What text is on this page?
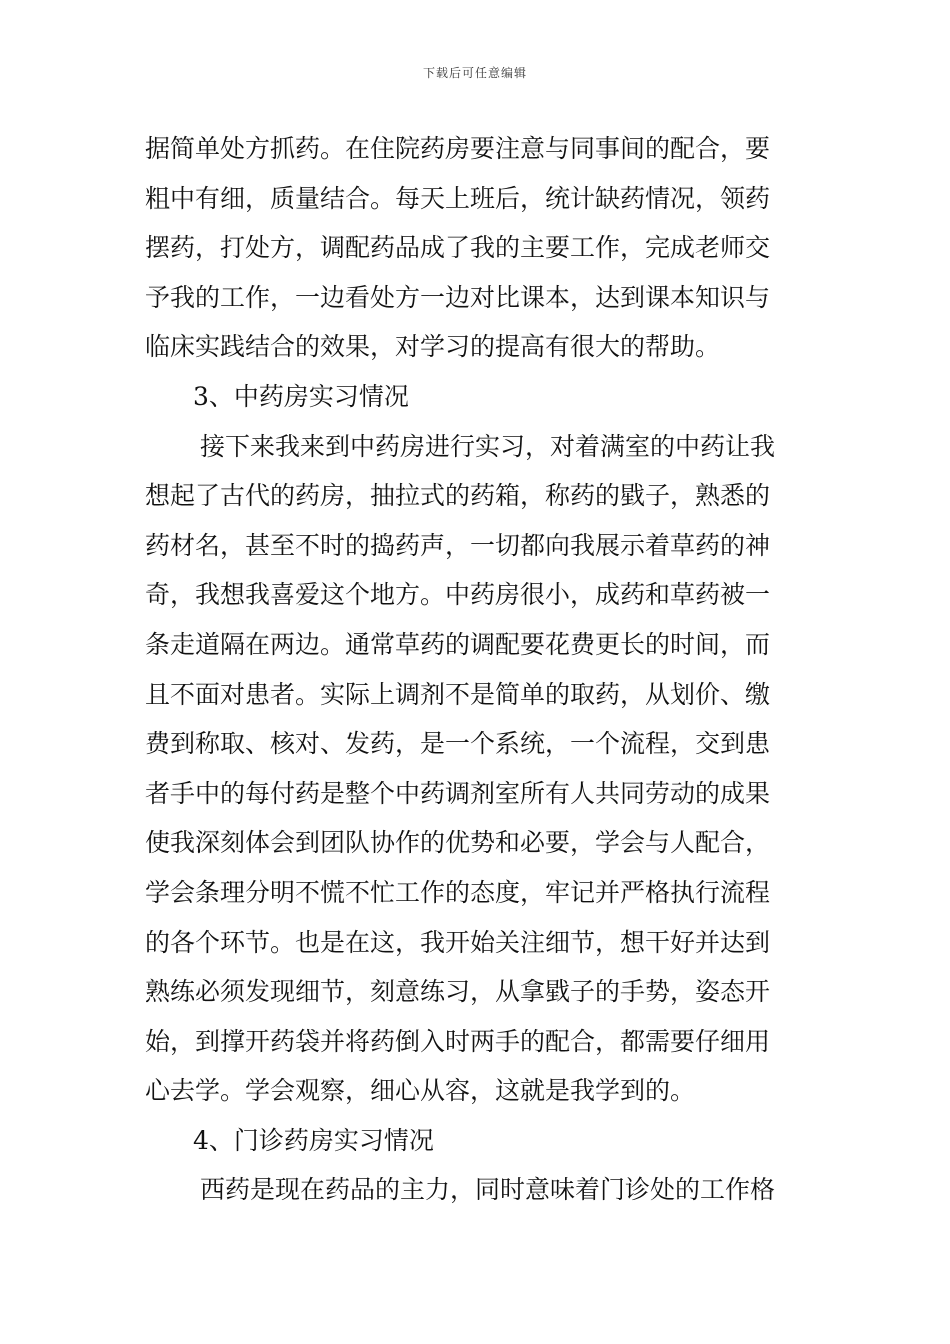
下载后可任意编辑
据简单处方抓药。在住院药房要注意与同事间的配合，要
粗中有细，质量结合。每天上班后，统计缺药情况，领药
摆药，打处方，调配药品成了我的主要工作，完成老师交
予我的工作，一边看处方一边对比课本，达到课本知识与
临床实践结合的效果，对学习的提高有很大的帮助。
3、中药房实习情况
接下来我来到中药房进行实习，对着满室的中药让我
想起了古代的药房，抽拉式的药箱，称药的戥子，熟悉的
药材名，甚至不时的捣药声，一切都向我展示着草药的神
奇，我想我喜爱这个地方。中药房很小，成药和草药被一
条走道隔在两边。通常草药的调配要花费更长的时间，而
且不面对患者。实际上调剂不是简单的取药，从划价、缴
费到称取、核对、发药，是一个系统，一个流程，交到患
者手中的每付药是整个中药调剂室所有人共同劳动的成果
使我深刻体会到团队协作的优势和必要，学会与人配合，
学会条理分明不慌不忙工作的态度，牢记并严格执行流程
的各个环节。也是在这，我开始关注细节，想干好并达到
熟练必须发现细节，刻意练习，从拿戥子的手势，姿态开
始，到撑开药袋并将药倒入时两手的配合，都需要仔细用
心去学。学会观察，细心从容，这就是我学到的。
4、门诊药房实习情况
西药是现在药品的主力，同时意味着门诊处的工作格
